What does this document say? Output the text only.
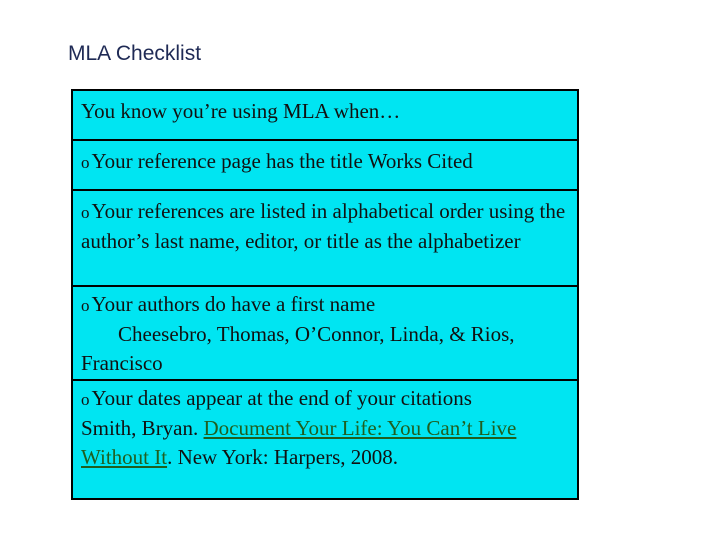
MLA Checklist
You know you’re using MLA when…
oYour reference page has the title Works Cited
oYour references are listed in alphabetical order using the author’s last name, editor, or title as the alphabetizer
oYour authors do have a first name
Cheesebro, Thomas, O’Connor, Linda, & Rios, Francisco
oYour dates appear at the end of your citations
Smith, Bryan. Document Your Life: You Can’t Live Without It. New York: Harpers, 2008.
